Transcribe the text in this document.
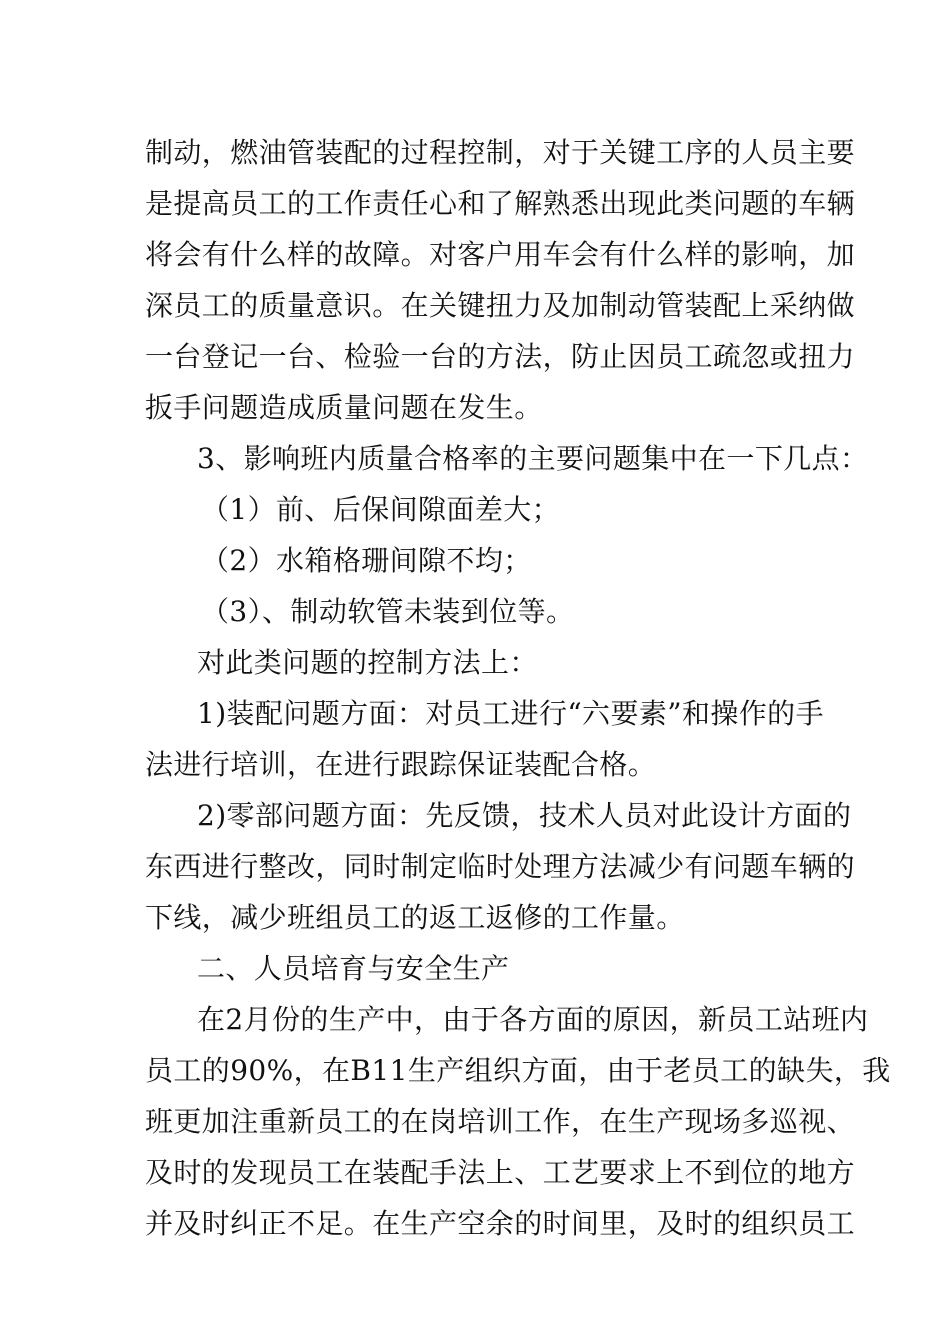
制动，燃油管装配的过程控制，对于关键工序的人员主要
是提高员工的工作责任心和了解熟悉出现此类问题的车辆
将会有什么样的故障。对客户用车会有什么样的影响，加
深员工的质量意识。在关键扭力及加制动管装配上采纳做
一台登记一台、检验一台的方法，防止因员工疏忽或扭力
扳手问题造成质量问题在发生。
3、影响班内质量合格率的主要问题集中在一下几点：
（1）前、后保间隙面差大；
（2）水箱格珊间隙不均；
（3）、制动软管未装到位等。
对此类问题的控制方法上：
1)装配问题方面：对员工进行“六要素”和操作的手
法进行培训，在进行跟踪保证装配合格。
2)零部问题方面：先反馈，技术人员对此设计方面的
东西进行整改，同时制定临时处理方法减少有问题车辆的
下线，减少班组员工的返工返修的工作量。
二、人员培育与安全生产
在2月份的生产中，由于各方面的原因，新员工站班内
员工的90%，在B11生产组织方面，由于老员工的缺失，我
班更加注重新员工的在岗培训工作，在生产现场多巡视、
及时的发现员工在装配手法上、工艺要求上不到位的地方
并及时纠正不足。在生产空余的时间里，及时的组织员工
